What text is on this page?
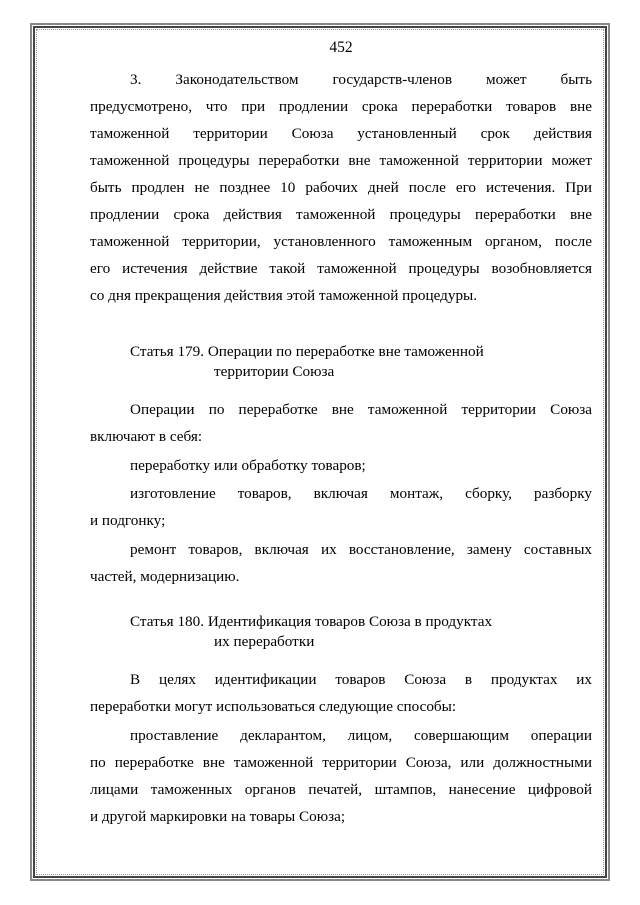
452
3. Законодательством государств-членов может быть
предусмотрено, что при продлении срока переработки товаров вне
таможенной территории Союза установленный срок действия
таможенной процедуры переработки вне таможенной территории может
быть продлен не позднее 10 рабочих дней после его истечения. При
продлении срока действия таможенной процедуры переработки вне
таможенной территории, установленного таможенным органом, после
его истечения действие такой таможенной процедуры возобновляется
со дня прекращения действия этой таможенной процедуры.
Статья 179. Операции по переработке вне таможенной
территории Союза
Операции по переработке вне таможенной территории Союза
включают в себя:
переработку или обработку товаров;
изготовление товаров, включая монтаж, сборку, разборку
и подгонку;
ремонт товаров, включая их восстановление, замену составных
частей, модернизацию.
Статья 180. Идентификация товаров Союза в продуктах
их переработки
В целях идентификации товаров Союза в продуктах их
переработки могут использоваться следующие способы:
проставление декларантом, лицом, совершающим операции
по переработке вне таможенной территории Союза, или должностными
лицами таможенных органов печатей, штампов, нанесение цифровой
и другой маркировки на товары Союза;
